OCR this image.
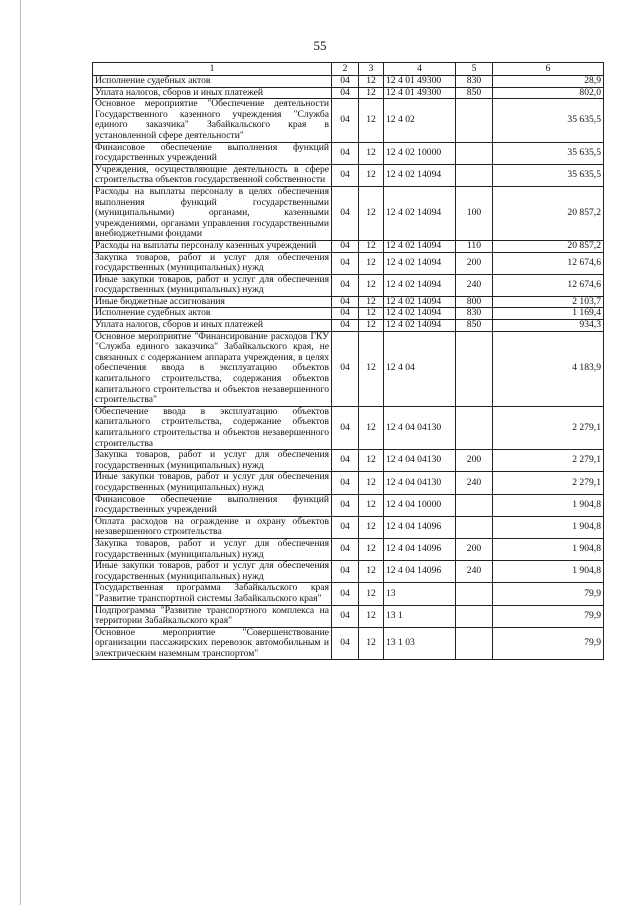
55
1	2	3	4	5	6
Исполнение судебных актов	04	12	12 4 01 49300	830	28,9
Уплата налогов, сборов и иных платежей	04	12	12 4 01 49300	850	802,0
Основное мероприятие "Обеспечение деятельности Государственного казенного учреждения "Служба единого заказчика" Забайкальского края в установленной сфере деятельности"	04	12	12 4 02		35 635,5
Финансовое обеспечение выполнения функций государственных учреждений	04	12	12 4 02 10000		35 635,5
Учреждения, осуществляющие деятельность в сфере строительства объектов государственной собственности	04	12	12 4 02 14094		35 635,5
Расходы на выплаты персоналу в целях обеспечения выполнения функций государственными (муниципальными) органами, казенными учреждениями, органами управления государственными внебюджетными фондами	04	12	12 4 02 14094	100	20 857,2
Расходы на выплаты персоналу казенных учреждений	04	12	12 4 02 14094	110	20 857,2
Закупка товаров, работ и услуг для обеспечения государственных (муниципальных) нужд	04	12	12 4 02 14094	200	12 674,6
Иные закупки товаров, работ и услуг для обеспечения государственных (муниципальных) нужд	04	12	12 4 02 14094	240	12 674,6
Иные бюджетные ассигнования	04	12	12 4 02 14094	800	2 103,7
Исполнение судебных актов	04	12	12 4 02 14094	830	1 169,4
Уплата налогов, сборов и иных платежей	04	12	12 4 02 14094	850	934,3
Основное мероприятие "Финансирование расходов ГКУ "Служба единого заказчика" Забайкальского края, не связанных с содержанием аппарата учреждения, в целях обеспечения ввода в эксплуатацию объектов капитального строительства, содержания объектов капитального строительства и объектов незавершенного строительства"	04	12	12 4 04		4 183,9
Обеспечение ввода в эксплуатацию объектов капитального строительства, содержание объектов капитального строительства и объектов незавершенного строительства	04	12	12 4 04 04130		2 279,1
Закупка товаров, работ и услуг для обеспечения государственных (муниципальных) нужд	04	12	12 4 04 04130	200	2 279,1
Иные закупки товаров, работ и услуг для обеспечения государственных (муниципальных) нужд	04	12	12 4 04 04130	240	2 279,1
Финансовое обеспечение выполнения функций государственных учреждений	04	12	12 4 04 10000		1 904,8
Оплата расходов на ограждение и охрану объектов незавершенного строительства	04	12	12 4 04 14096		1 904,8
Закупка товаров, работ и услуг для обеспечения государственных (муниципальных) нужд	04	12	12 4 04 14096	200	1 904,8
Иные закупки товаров, работ и услуг для обеспечения государственных (муниципальных) нужд	04	12	12 4 04 14096	240	1 904,8
Государственная программа Забайкальского края "Развитие транспортной системы Забайкальского края"	04	12	13		79,9
Подпрограмма "Развитие транспортного комплекса на территории Забайкальского края"	04	12	13 1		79,9
Основное мероприятие "Совершенствование организации пассажирских перевозок автомобильным и электрическим наземным транспортом"	04	12	13 1 03		79,9
